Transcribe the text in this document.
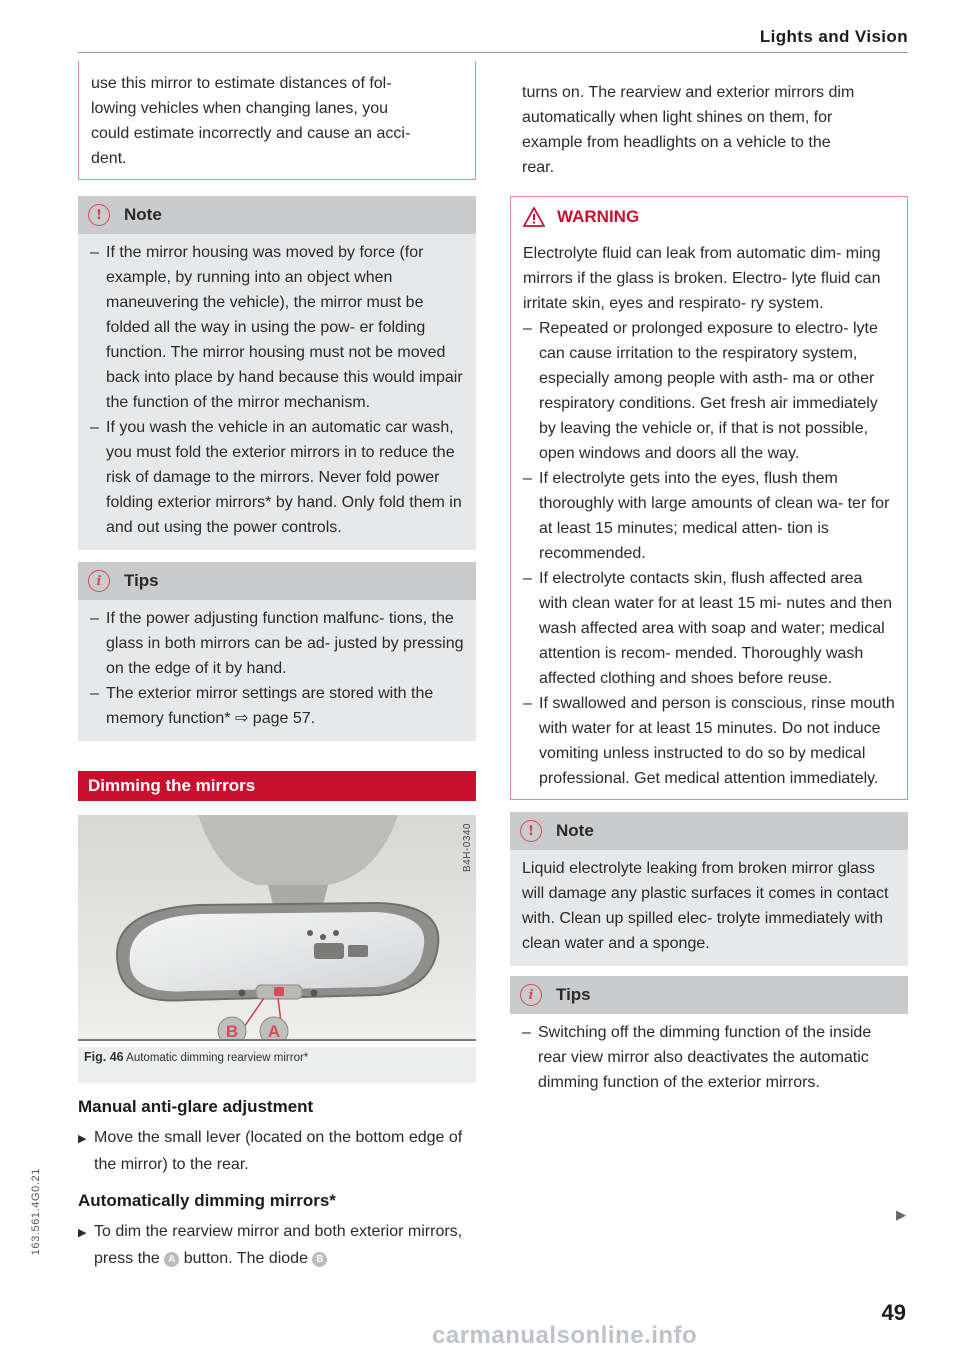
Lights and Vision

use this mirror to estimate distances of fol-

lowing vehicles when changing lanes, you

could estimate incorrectly and cause an acci-

dent.

!	Note
– If the mirror housing was moved by force (for example, by running into an object when maneuvering the vehicle), the mirror must be folded all the way in using the pow- er folding function. The mirror housing must not be moved back into place by hand because this would impair the function of the mirror mechanism.
– If you wash the vehicle in an automatic car wash, you must fold the exterior mirrors in to reduce the risk of damage to the mirrors. Never fold power folding exterior mirrors* by hand. Only fold them in and out using the power controls.
i	Tips
– If the power adjusting function malfunc- tions, the glass in both mirrors can be ad- justed by pressing on the edge of it by hand.
– The exterior mirror settings are stored with the memory function* ⇨ page 57.
Dimming the mirrors
B A
B4H-0340
Fig. 46 Automatic dimming rearview mirror*
Manual anti-glare adjustment

▶ Move the small lever (located on the bottom edge of the mirror) to the rear.

Automatically dimming mirrors*

▶ To dim the rearview mirror and both exterior mirrors, press the A button. The diode B

turns on. The rearview and exterior mirrors dim

automatically when light shines on them, for

example from headlights on a vehicle to the

rear.

WARNING

Electrolyte fluid can leak from automatic dim- ming mirrors if the glass is broken. Electro- lyte fluid can irritate skin, eyes and respirato- ry system.

– Repeated or prolonged exposure to electro- lyte can cause irritation to the respiratory system, especially among people with asth- ma or other respiratory conditions. Get fresh air immediately by leaving the vehicle or, if that is not possible, open windows and doors all the way.
– If electrolyte gets into the eyes, flush them thoroughly with large amounts of clean wa- ter for at least 15 minutes; medical atten- tion is recommended.
– If electrolyte contacts skin, flush affected area with clean water for at least 15 mi- nutes and then wash affected area with soap and water; medical attention is recom- mended. Thoroughly wash affected clothing and shoes before reuse.
– If swallowed and person is conscious, rinse mouth with water for at least 15 minutes. Do not induce vomiting unless instructed to do so by medical professional. Get medical attention immediately.
!	Note

Liquid electrolyte leaking from broken mirror glass will damage any plastic surfaces it comes in contact with. Clean up spilled elec- trolyte immediately with clean water and a sponge.

i	Tips
– Switching off the dimming function of the inside rear view mirror also deactivates the automatic dimming function of the exterior mirrors.
▶
163.561.4G0.21
49
carmanualsonline.info
